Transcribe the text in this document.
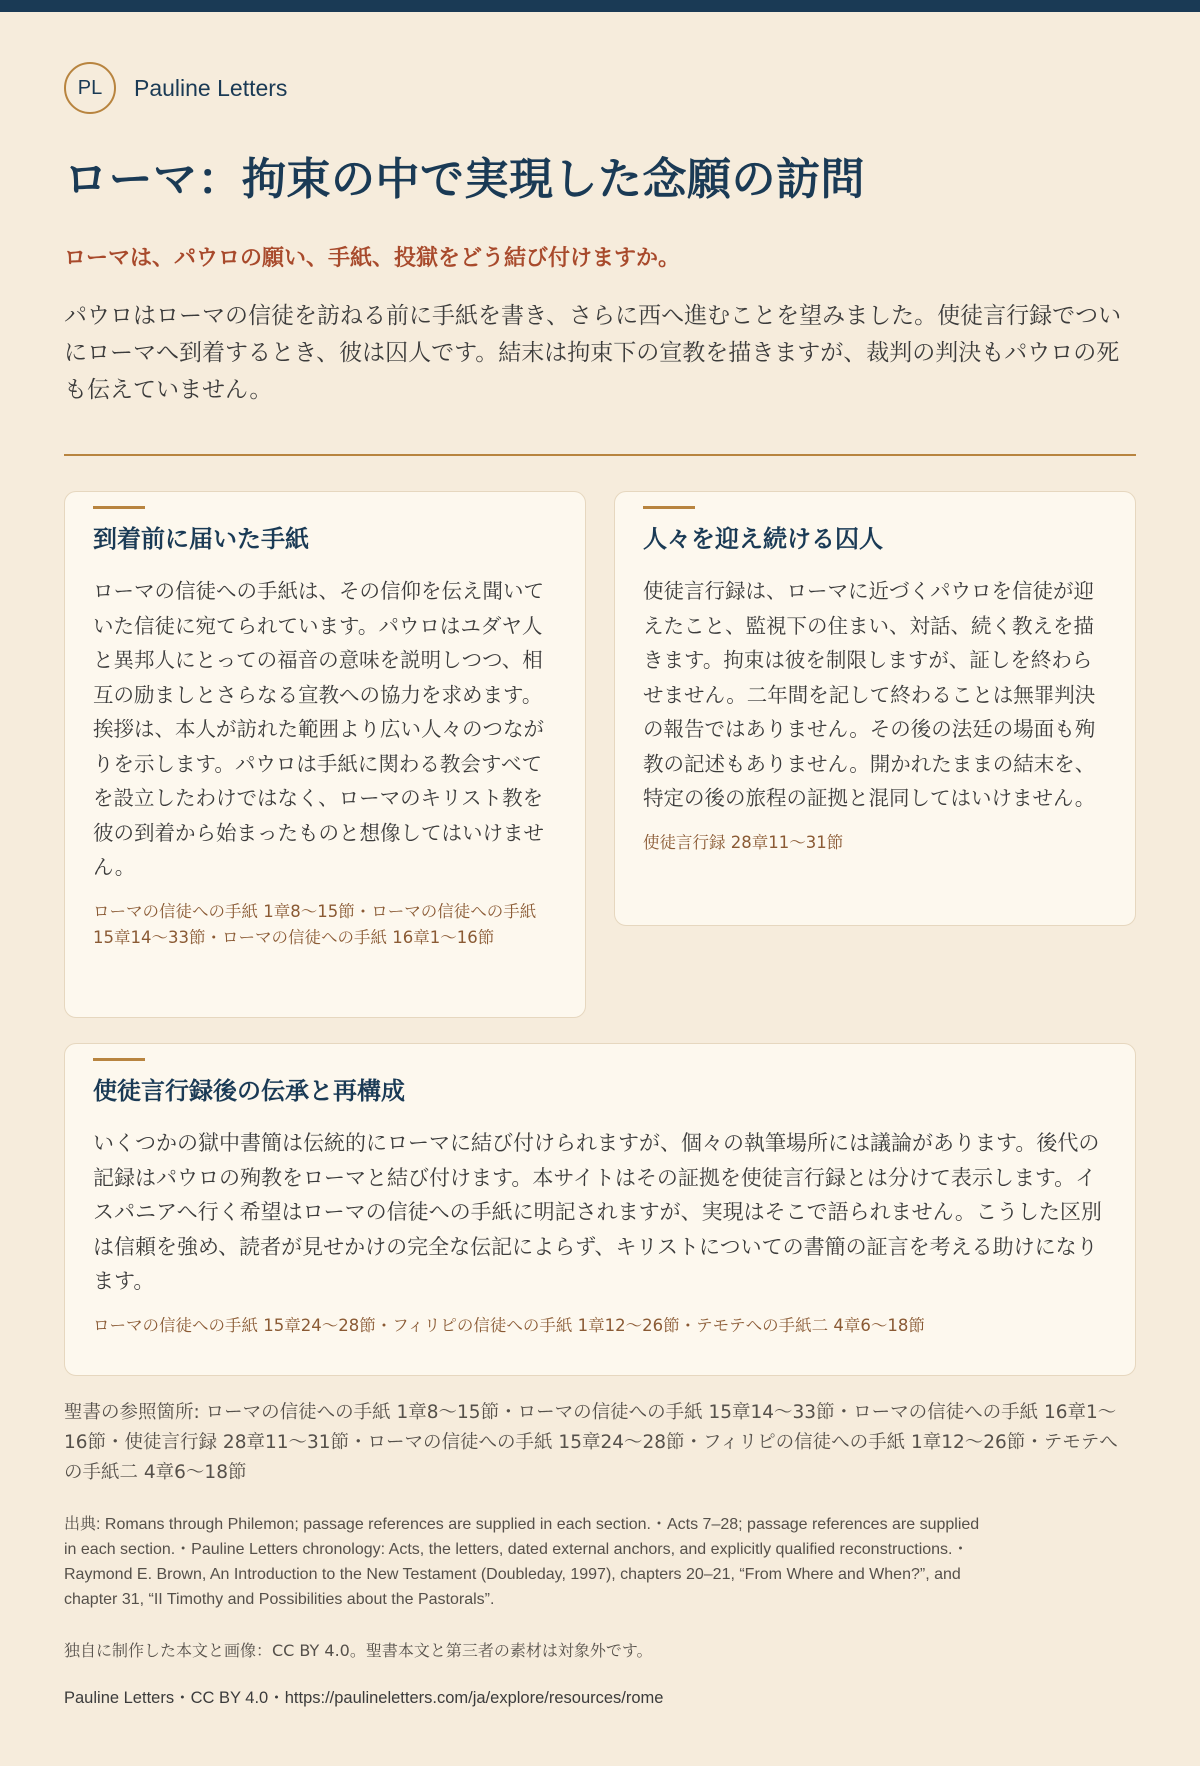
PL	Pauline Letters
ローマ：拘束の中で実現した念願の訪問
ローマは、パウロの願い、手紙、投獄をどう結び付けますか。

パウロはローマの信徒を訪ねる前に手紙を書き、さらに西へ進むことを望みました。使徒言行録でついにローマへ到着するとき、彼は囚人です。結末は拘束下の宣教を描きますが、裁判の判決もパウロの死も伝えていません。

到着前に届いた手紙

ローマの信徒への手紙は、その信仰を伝え聞いていた信徒に宛てられています。パウロはユダヤ人と異邦人にとっての福音の意味を説明しつつ、相互の励ましとさらなる宣教への協力を求めます。挨拶は、本人が訪れた範囲より広い人々のつながりを示します。パウロは手紙に関わる教会すべてを設立したわけではなく、ローマのキリスト教を彼の到着から始まったものと想像してはいけません。

ローマの信徒への手紙 1章8〜15節・ローマの信徒への手紙 15章14〜33節・ローマの信徒への手紙 16章1〜16節

人々を迎え続ける囚人

使徒言行録は、ローマに近づくパウロを信徒が迎えたこと、監視下の住まい、対話、続く教えを描きます。拘束は彼を制限しますが、証しを終わらせません。二年間を記して終わることは無罪判決の報告ではありません。その後の法廷の場面も殉教の記述もありません。開かれたままの結末を、特定の後の旅程の証拠と混同してはいけません。

使徒言行録 28章11〜31節

使徒言行録後の伝承と再構成

いくつかの獄中書簡は伝統的にローマに結び付けられますが、個々の執筆場所には議論があります。後代の記録はパウロの殉教をローマと結び付けます。本サイトはその証拠を使徒言行録とは分けて表示します。イスパニアへ行く希望はローマの信徒への手紙に明記されますが、実現はそこで語られません。こうした区別は信頼を強め、読者が見せかけの完全な伝記によらず、キリストについての書簡の証言を考える助けになります。

ローマの信徒への手紙 15章24〜28節・フィリピの信徒への手紙 1章12〜26節・テモテへの手紙二 4章6〜18節

聖書の参照箇所: ローマの信徒への手紙 1章8〜15節・ローマの信徒への手紙 15章14〜33節・ローマの信徒への手紙 16章1〜16節・使徒言行録 28章11〜31節・ローマの信徒への手紙 15章24〜28節・フィリピの信徒への手紙 1章12〜26節・テモテへの手紙二 4章6〜18節

出典: Romans through Philemon; passage references are supplied in each section.・Acts 7–28; passage references are supplied in each section.・Pauline Letters chronology: Acts, the letters, dated external anchors, and explicitly qualified reconstructions.・Raymond E. Brown, An Introduction to the New Testament (Doubleday, 1997), chapters 20–21, “From Where and When?”, and chapter 31, “II Timothy and Possibilities about the Pastorals”.

独自に制作した本文と画像：CC BY 4.0。聖書本文と第三者の素材は対象外です。

Pauline Letters・CC BY 4.0・https://paulineletters.com/ja/explore/resources/rome
